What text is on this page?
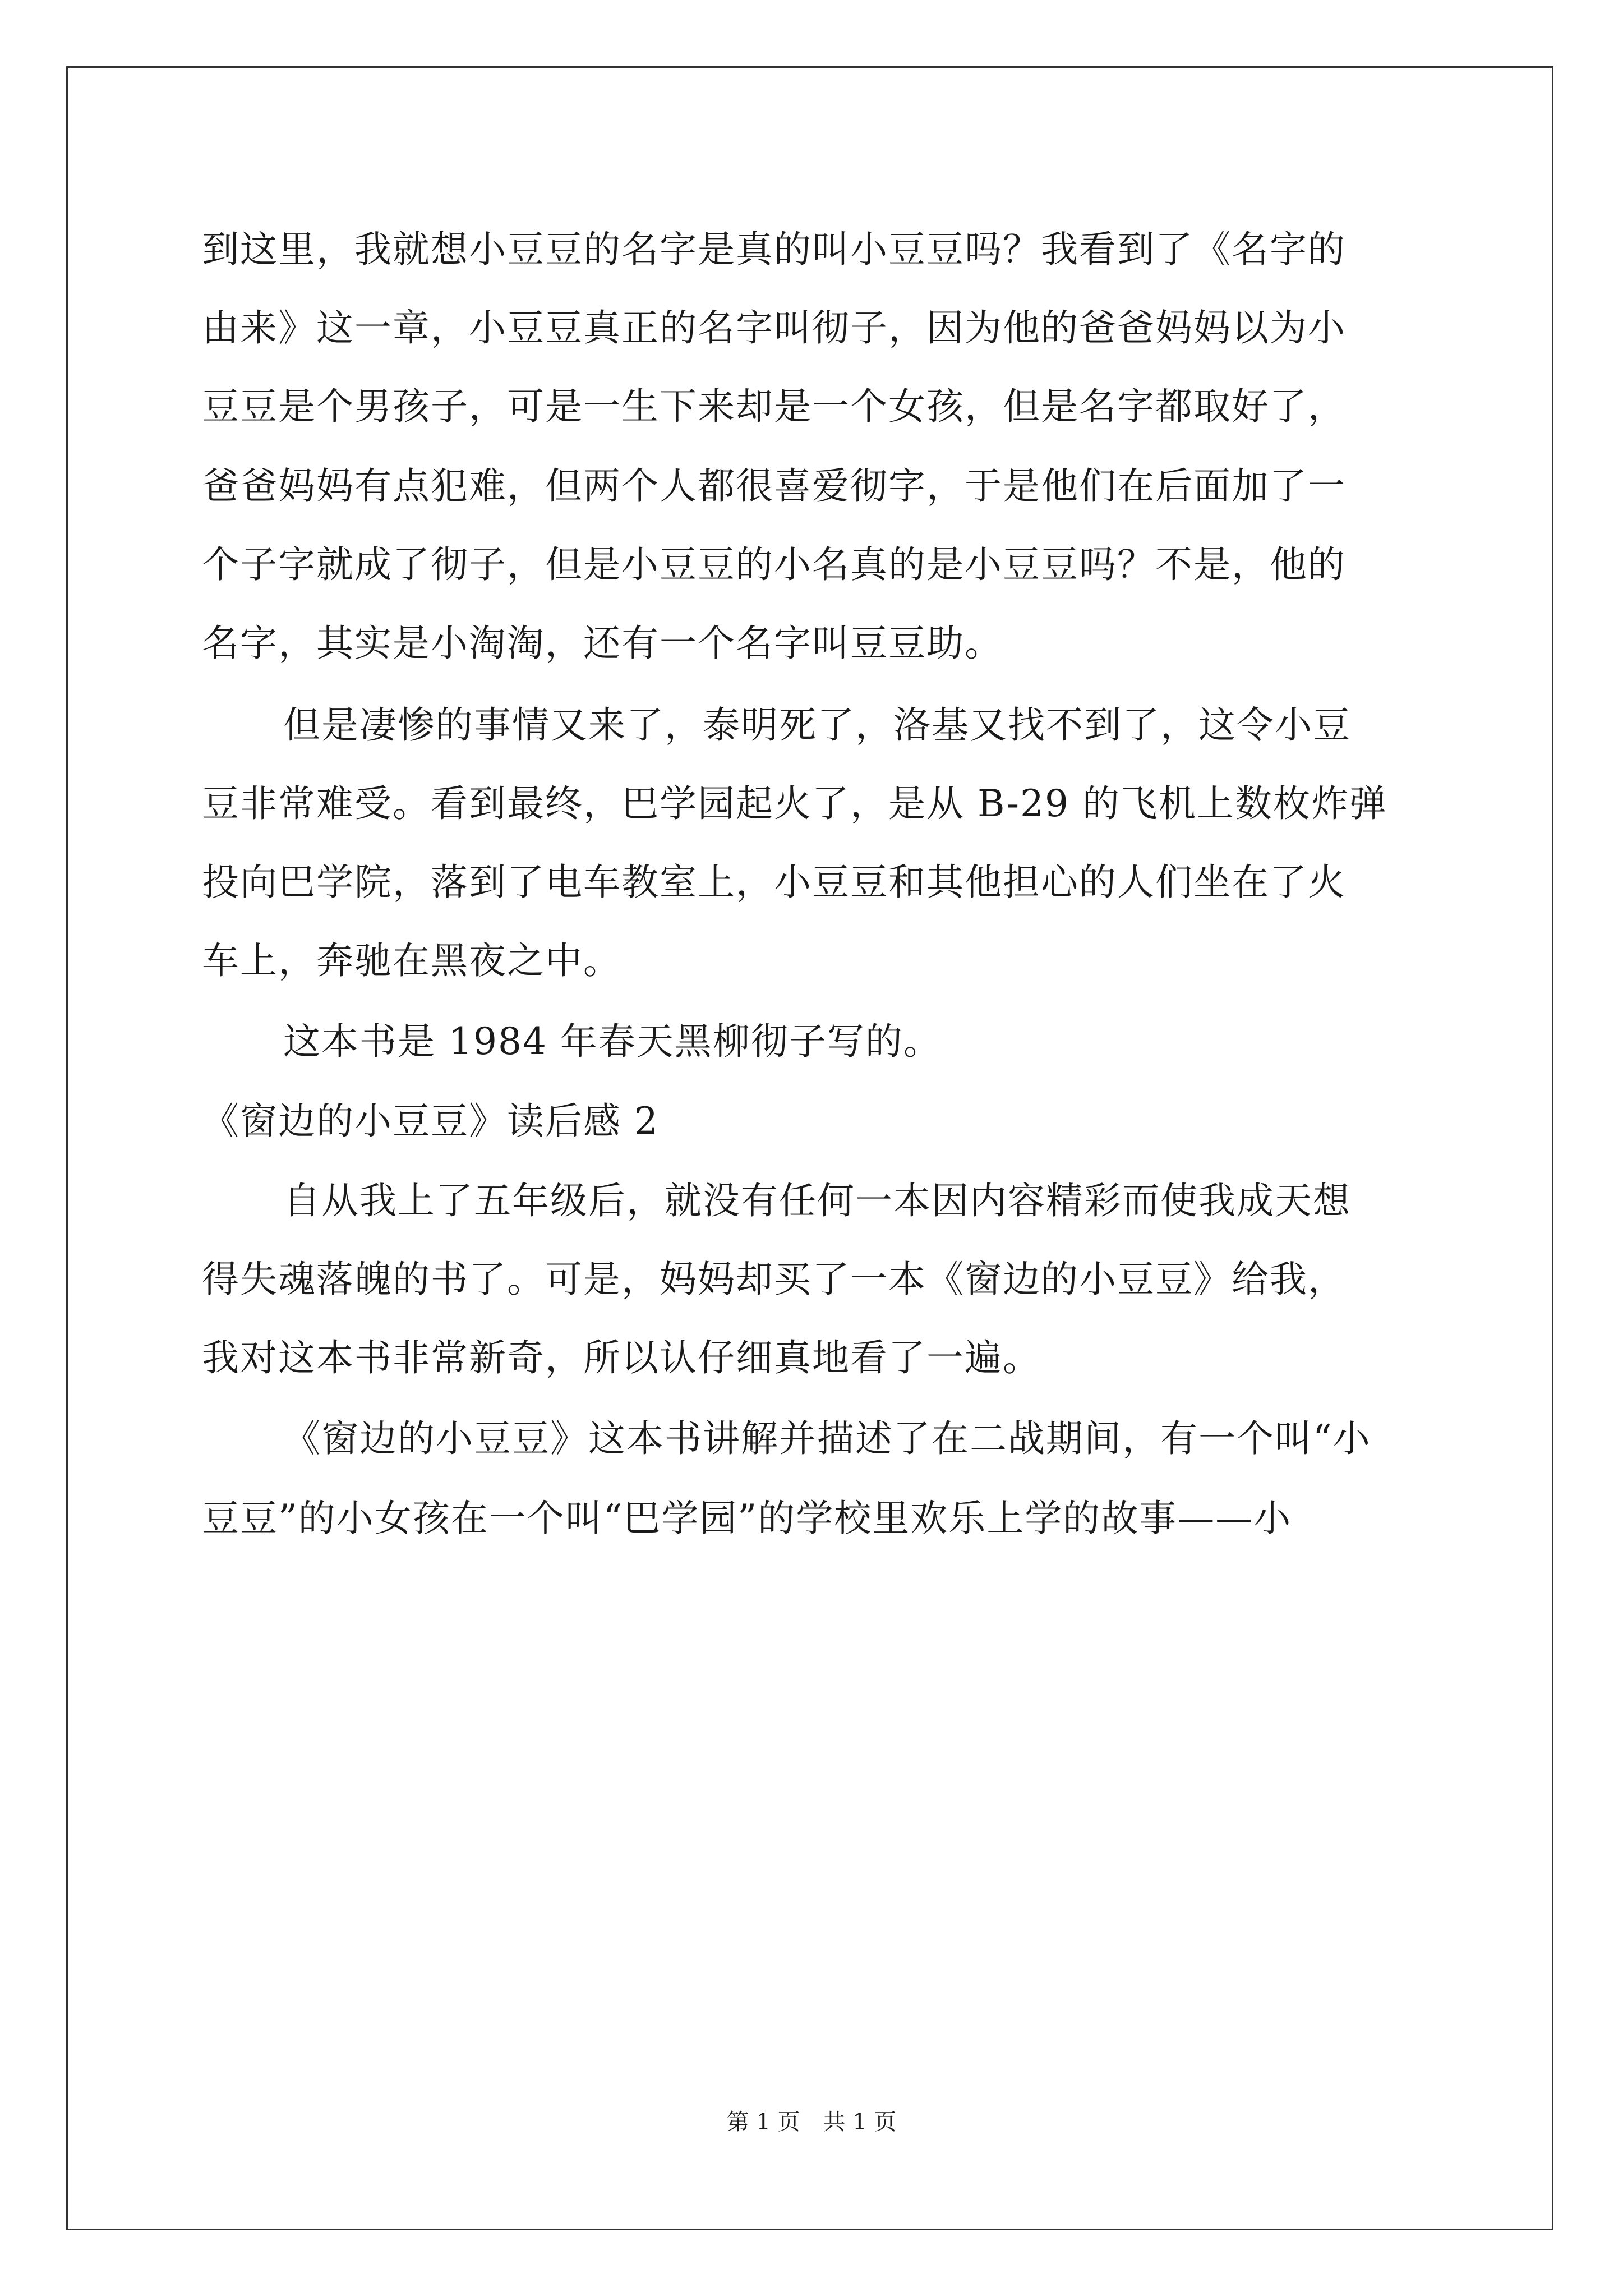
到这里，我就想小豆豆的名字是真的叫小豆豆吗？我看到了《名字的
由来》这一章，小豆豆真正的名字叫彻子，因为他的爸爸妈妈以为小
豆豆是个男孩子，可是一生下来却是一个女孩，但是名字都取好了，
爸爸妈妈有点犯难，但两个人都很喜爱彻字，于是他们在后面加了一
个子字就成了彻子，但是小豆豆的小名真的是小豆豆吗？不是，他的
名字，其实是小淘淘，还有一个名字叫豆豆助。
但是凄惨的事情又来了，泰明死了，洛基又找不到了，这令小豆
豆非常难受。看到最终，巴学园起火了，是从 B-29 的飞机上数枚炸弹
投向巴学院，落到了电车教室上，小豆豆和其他担心的人们坐在了火
车上，奔驰在黑夜之中。
这本书是 1984 年春天黑柳彻子写的。
《窗边的小豆豆》读后感 2
自从我上了五年级后，就没有任何一本因内容精彩而使我成天想
得失魂落魄的书了。可是，妈妈却买了一本《窗边的小豆豆》给我，
我对这本书非常新奇，所以认仔细真地看了一遍。
《窗边的小豆豆》这本书讲解并描述了在二战期间，有一个叫“小
豆豆”的小女孩在一个叫“巴学园”的学校里欢乐上学的故事——小
第 1 页 共 1 页
